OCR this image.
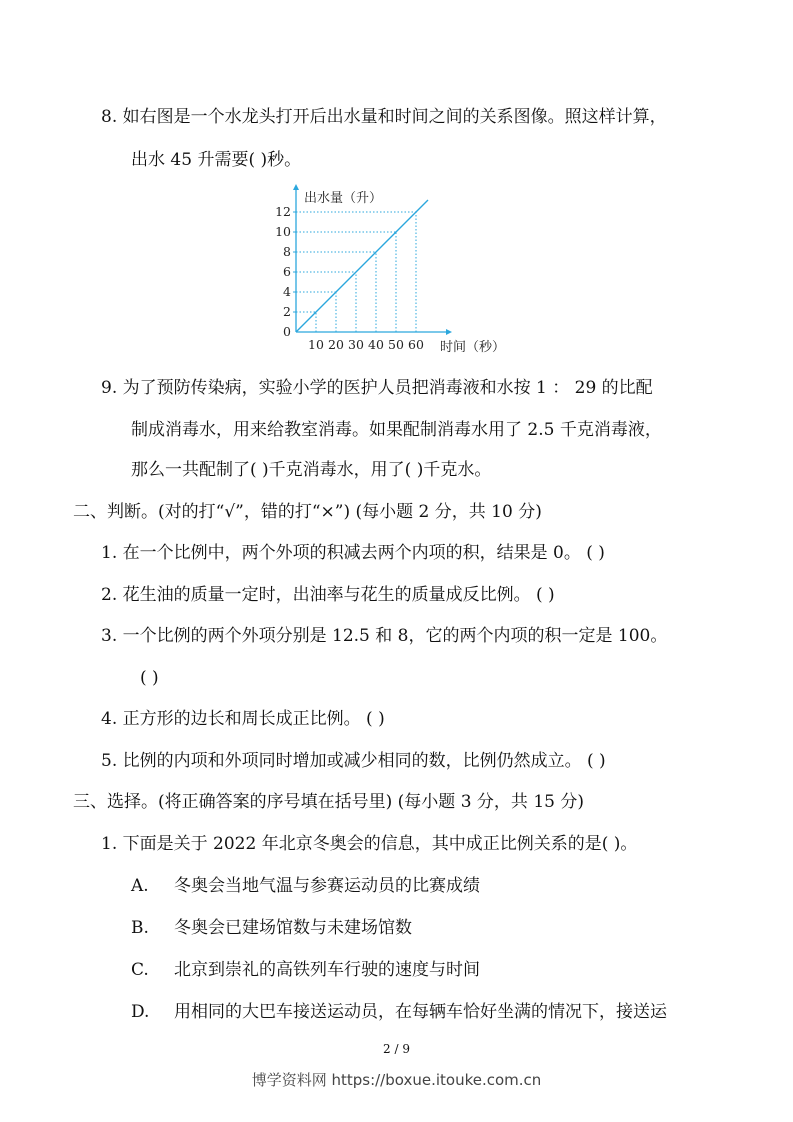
8. 如右图是一个水龙头打开后出水量和时间之间的关系图像。照这样计算，
出水 45 升需要( )秒。
0
2
4
6
8
10
12
10 20 30 40 50 60
出水量（升）
时间（秒）
9. 为了预防传染病，实验小学的医护人员把消毒液和水按 1 ： 29 的比配
制成消毒水，用来给教室消毒。如果配制消毒水用了 2.5 千克消毒液，
那么一共配制了( )千克消毒水，用了( )千克水。
二、判断。(对的打“√”，错的打“×”) (每小题 2 分，共 10 分)
1. 在一个比例中，两个外项的积减去两个内项的积，结果是 0。 ( )
2. 花生油的质量一定时，出油率与花生的质量成反比例。 ( )
3. 一个比例的两个外项分别是 12.5 和 8，它的两个内项的积一定是 100。
( )
4. 正方形的边长和周长成正比例。 ( )
5. 比例的内项和外项同时增加或减少相同的数，比例仍然成立。 ( )
三、选择。(将正确答案的序号填在括号里) (每小题 3 分，共 15 分)
1. 下面是关于 2022 年北京冬奥会的信息，其中成正比例关系的是( )。
A. 冬奥会当地气温与参赛运动员的比赛成绩
B. 冬奥会已建场馆数与未建场馆数
C. 北京到崇礼的高铁列车行驶的速度与时间
D. 用相同的大巴车接送运动员，在每辆车恰好坐满的情况下，接送运
2 / 9
博学资料网 https://boxue.itouke.com.cn
